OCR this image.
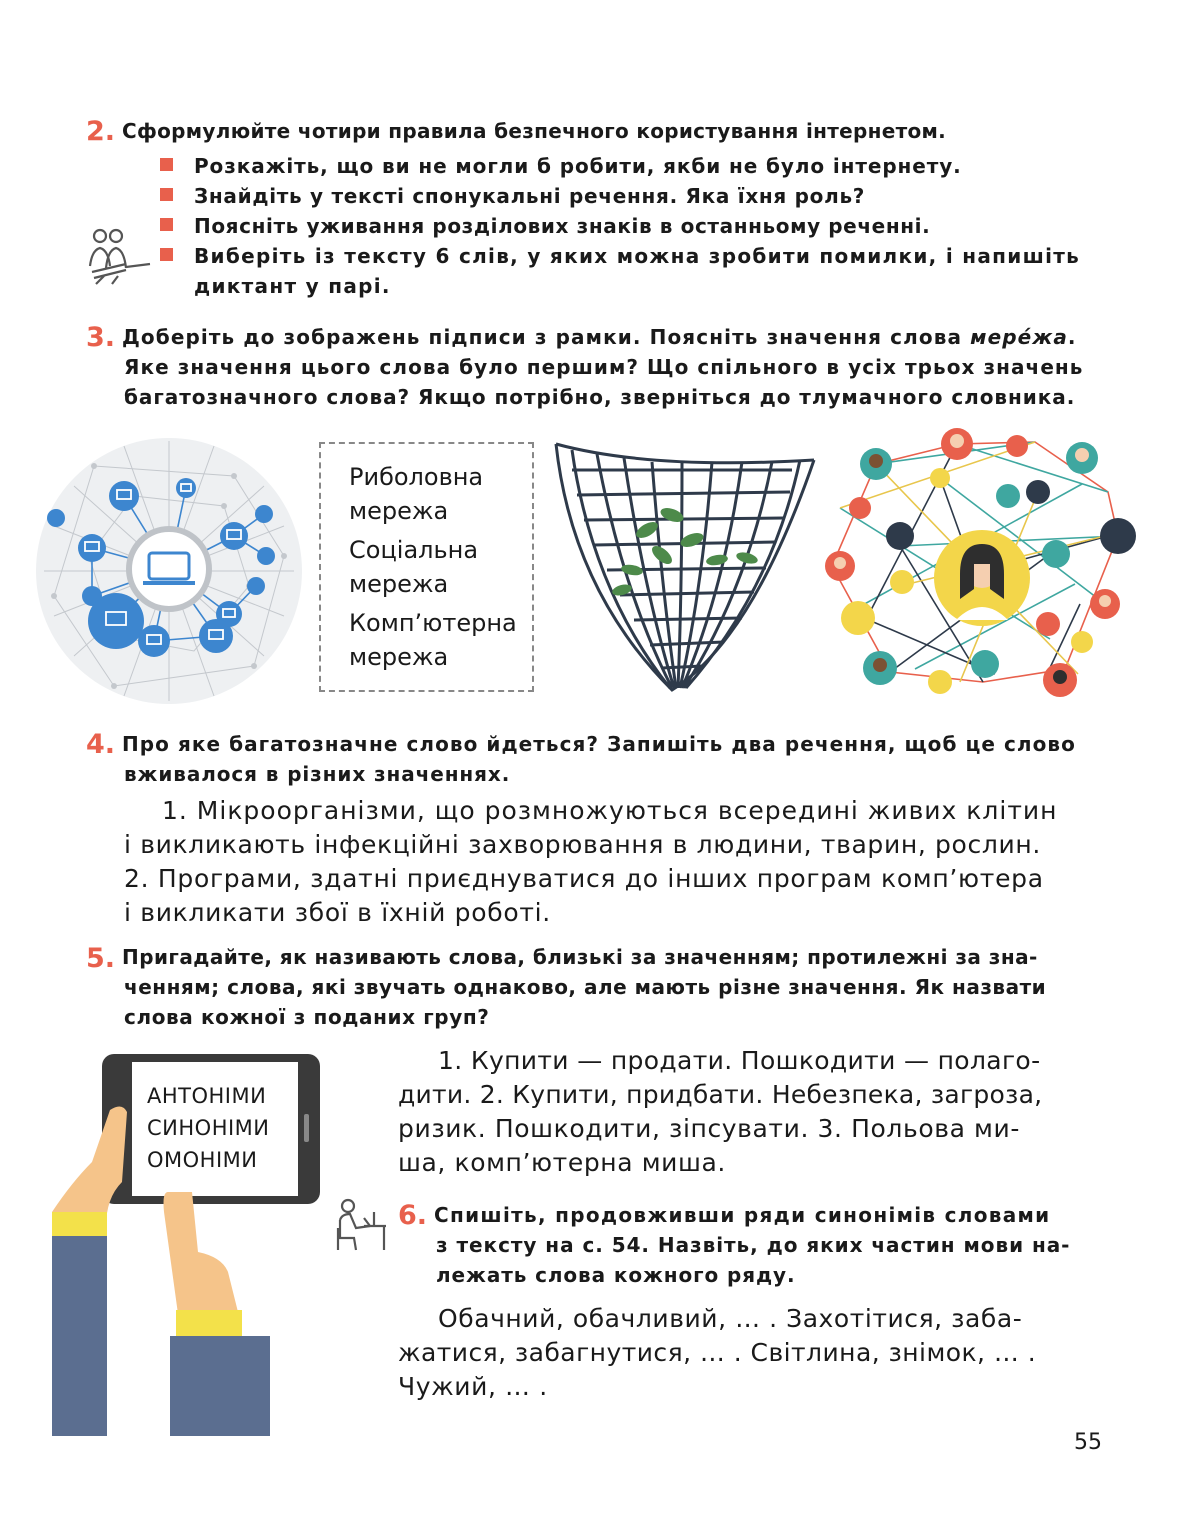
2. Сформулюйте чотири правила безпечного користування інтернетом.
Розкажіть, що ви не могли б робити, якби не було інтернету.
Знайдіть у тексті спонукальні речення. Яка їхня роль?
Поясніть уживання розділових знаків в останньому реченні.
Виберіть із тексту 6 слів, у яких можна зробити помилки, і напишіть
диктант у парі.
3. Доберіть до зображень підписи з рамки. Поясніть значення слова мере́жа.
Яке значення цього слова було першим? Що спільного в усіх трьох значень
багатозначного слова? Якщо потрібно, зверніться до тлумачного словника.
Риболовна
мережа
Соціальна
мережа
Комп’ютерна
мережа
4. Про яке багатозначне слово йдеться? Запишіть два речення, щоб це слово
вживалося в різних значеннях.
1. Мікроорганізми, що розмножуються всередині живих клітин
і викликають інфекційні захворювання в людини, тварин, рослин.
2. Програми, здатні приєднуватися до інших програм комп’ютера
і викликати збої в їхній роботі.
5. Пригадайте, як називають слова, близькі за значенням; протилежні за зна-
ченням; слова, які звучать однаково, але мають різне значення. Як назвати
слова кожної з поданих груп?
АНТОНІМИ
СИНОНІМИ
ОМОНІМИ
1. Купити — продати. Пошкодити — полаго-
дити. 2. Купити, придбати. Небезпека, загроза,
ризик. Пошкодити, зіпсувати. 3. Польова ми-
ша, комп’ютерна миша.
6. Спишіть, продовживши ряди синонімів словами
з тексту на с. 54. Назвіть, до яких частин мови на-
лежать слова кожного ряду.
Обачний, обачливий, … . Захотітися, заба-
жатися, забагнутися, … . Світлина, знімок, … .
Чужий, … .
55
